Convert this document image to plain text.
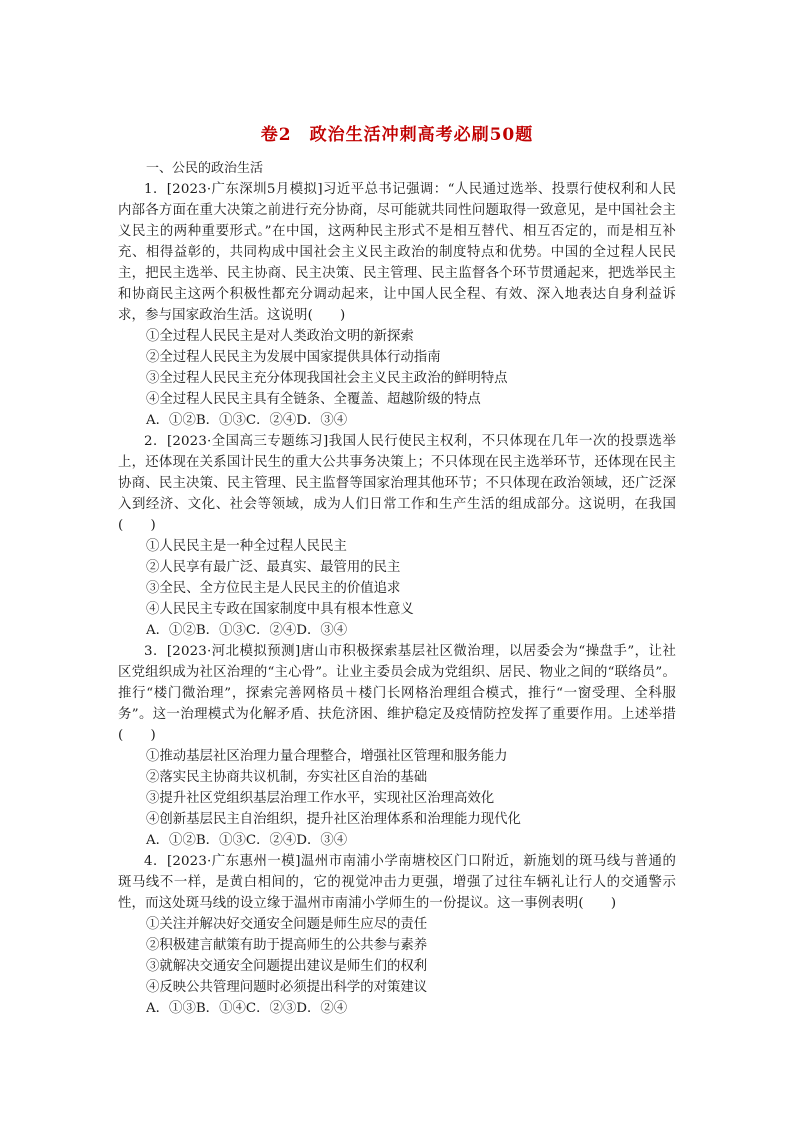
卷2　政治生活冲刺高考必刷50题

一、公民的政治生活

1．[2023·广东深圳5月模拟]习近平总书记强调：“人民通过选举、投票行使权利和人民内部各方面在重大决策之前进行充分协商，尽可能就共同性问题取得一致意见，是中国社会主义民主的两种重要形式。”在中国，这两种民主形式不是相互替代、相互否定的，而是相互补充、相得益彰的，共同构成中国社会主义民主政治的制度特点和优势。中国的全过程人民民主，把民主选举、民主协商、民主决策、民主管理、民主监督各个环节贯通起来，把选举民主和协商民主这两个积极性都充分调动起来，让中国人民全程、有效、深入地表达自身利益诉求，参与国家政治生活。这说明(　　)

①全过程人民民主是对人类政治文明的新探索

②全过程人民民主为发展中国家提供具体行动指南

③全过程人民民主充分体现我国社会主义民主政治的鲜明特点

④全过程人民民主具有全链条、全覆盖、超越阶级的特点

A．①②B．①③C．②④D．③④

2．[2023·全国高三专题练习]我国人民行使民主权利，不只体现在几年一次的投票选举上，还体现在关系国计民生的重大公共事务决策上；不只体现在民主选举环节，还体现在民主协商、民主决策、民主管理、民主监督等国家治理其他环节；不只体现在政治领域，还广泛深入到经济、文化、社会等领域，成为人们日常工作和生产生活的组成部分。这说明，在我国(　　)

①人民民主是一种全过程人民民主

②人民享有最广泛、最真实、最管用的民主

③全民、全方位民主是人民民主的价值追求

④人民民主专政在国家制度中具有根本性意义

A．①②B．①③C．②④D．③④

3．[2023·河北模拟预测]唐山市积极探索基层社区微治理，以居委会为“操盘手”，让社区党组织成为社区治理的“主心骨”。让业主委员会成为党组织、居民、物业之间的“联络员”。推行“楼门微治理”，探索完善网格员＋楼门长网格治理组合模式，推行“一窗受理、全科服务”。这一治理模式为化解矛盾、扶危济困、维护稳定及疫情防控发挥了重要作用。上述举措(　　)

①推动基层社区治理力量合理整合，增强社区管理和服务能力

②落实民主协商共议机制，夯实社区自治的基础

③提升社区党组织基层治理工作水平，实现社区治理高效化

④创新基层民主自治组织，提升社区治理体系和治理能力现代化

A．①②B．①③C．②④D．③④

4．[2023·广东惠州一模]温州市南浦小学南塘校区门口附近，新施划的斑马线与普通的斑马线不一样，是黄白相间的，它的视觉冲击力更强，增强了过往车辆礼让行人的交通警示性，而这处斑马线的设立缘于温州市南浦小学师生的一份提议。这一事例表明(　　)

①关注并解决好交通安全问题是师生应尽的责任

②积极建言献策有助于提高师生的公共参与素养

③就解决交通安全问题提出建议是师生们的权利

④反映公共管理问题时必须提出科学的对策建议

A．①③B．①④C．②③D．②④
